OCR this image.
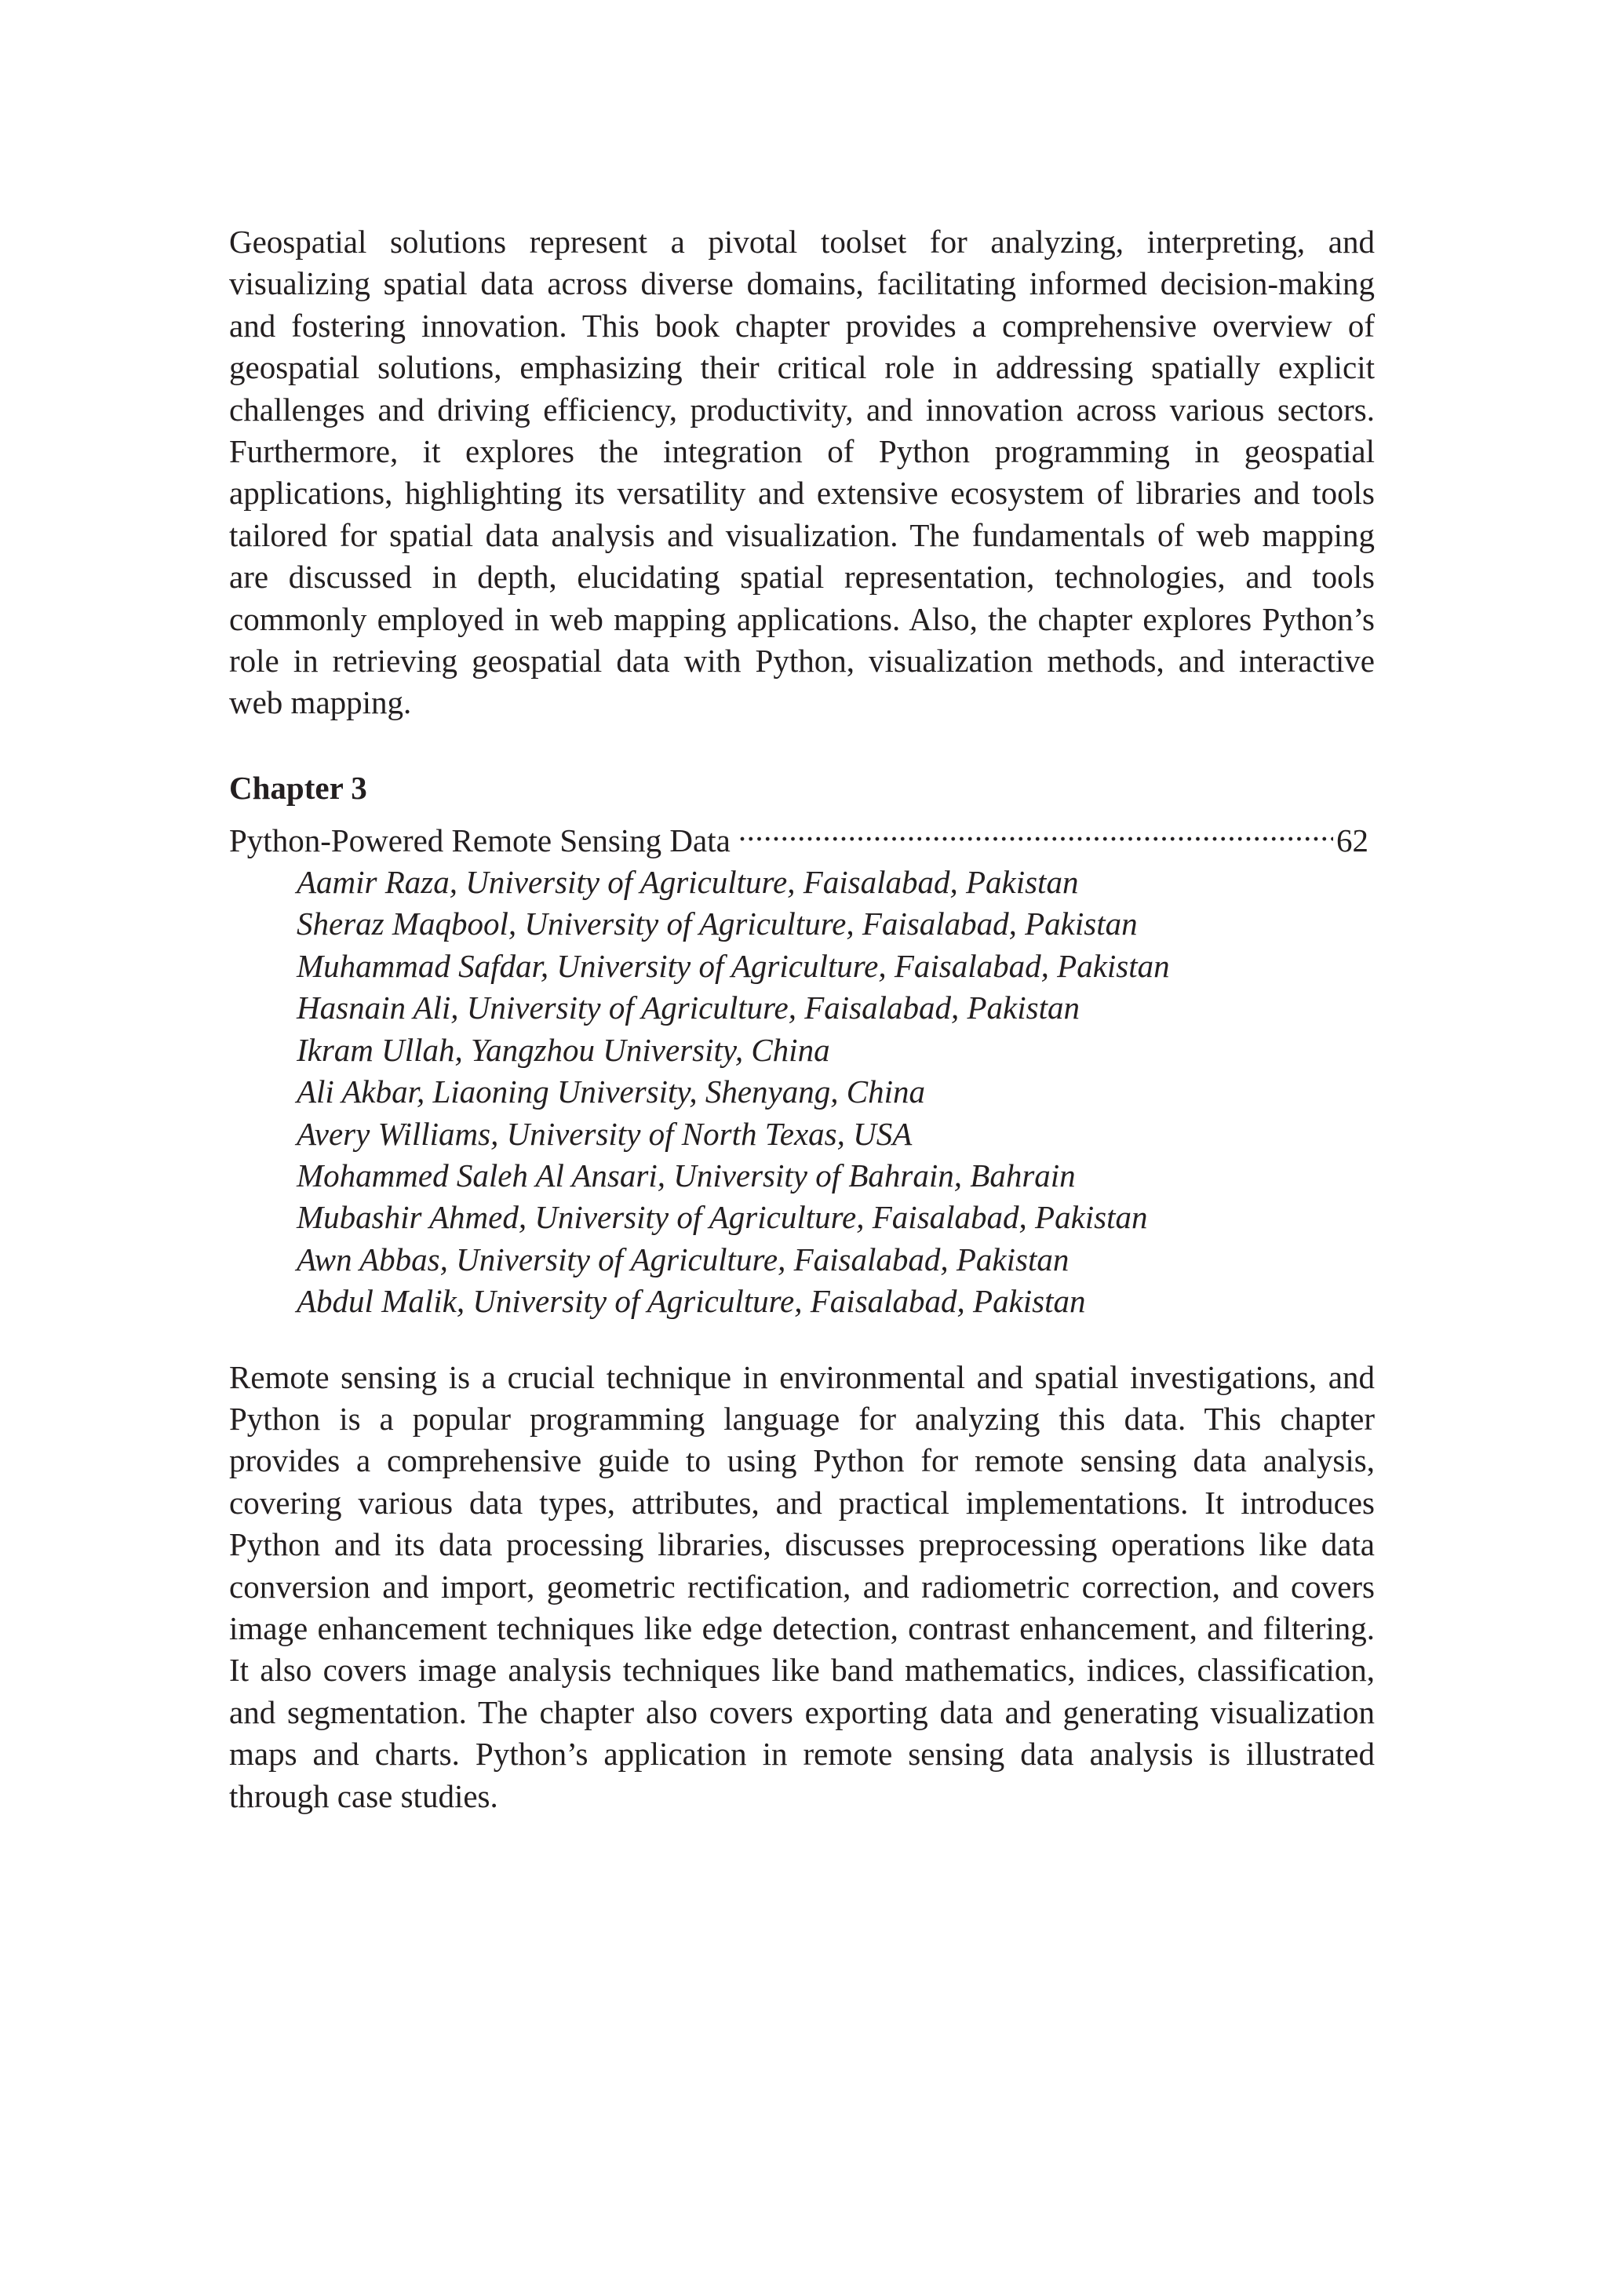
Geospatial solutions represent a pivotal toolset for analyzing, interpreting, and visualizing spatial data across diverse domains, facilitating informed decision-making and fostering innovation. This book chapter provides a comprehensive overview of geospatial solutions, emphasizing their critical role in addressing spatially explicit challenges and driving efficiency, productivity, and innovation across various sectors. Furthermore, it explores the integration of Python programming in geospatial applications, highlighting its versatility and extensive ecosystem of libraries and tools tailored for spatial data analysis and visualization. The fundamentals of web mapping are discussed in depth, elucidating spatial representation, technologies, and tools commonly employed in web mapping applications. Also, the chapter explores Python’s role in retrieving geospatial data with Python, visualization methods, and interactive web mapping.

Chapter 3

Python-Powered Remote Sensing Data
.....	62
Aamir Raza, University of Agriculture, Faisalabad, Pakistan
Sheraz Maqbool, University of Agriculture, Faisalabad, Pakistan
Muhammad Safdar, University of Agriculture, Faisalabad, Pakistan
Hasnain Ali, University of Agriculture, Faisalabad, Pakistan
Ikram Ullah, Yangzhou University, China
Ali Akbar, Liaoning University, Shenyang, China
Avery Williams, University of North Texas, USA
Mohammed Saleh Al Ansari, University of Bahrain, Bahrain
Mubashir Ahmed, University of Agriculture, Faisalabad, Pakistan
Awn Abbas, University of Agriculture, Faisalabad, Pakistan
Abdul Malik, University of Agriculture, Faisalabad, Pakistan

Remote sensing is a crucial technique in environmental and spatial investigations, and Python is a popular programming language for analyzing this data. This chapter provides a comprehensive guide to using Python for remote sensing data analysis, covering various data types, attributes, and practical implementations. It introduces Python and its data processing libraries, discusses preprocessing operations like data conversion and import, geometric rectification, and radiometric correction, and covers image enhancement techniques like edge detection, contrast enhancement, and filtering. It also covers image analysis techniques like band mathematics, indices, classification, and segmentation. The chapter also covers exporting data and generating visualization maps and charts. Python’s application in remote sensing data analysis is illustrated through case studies.
